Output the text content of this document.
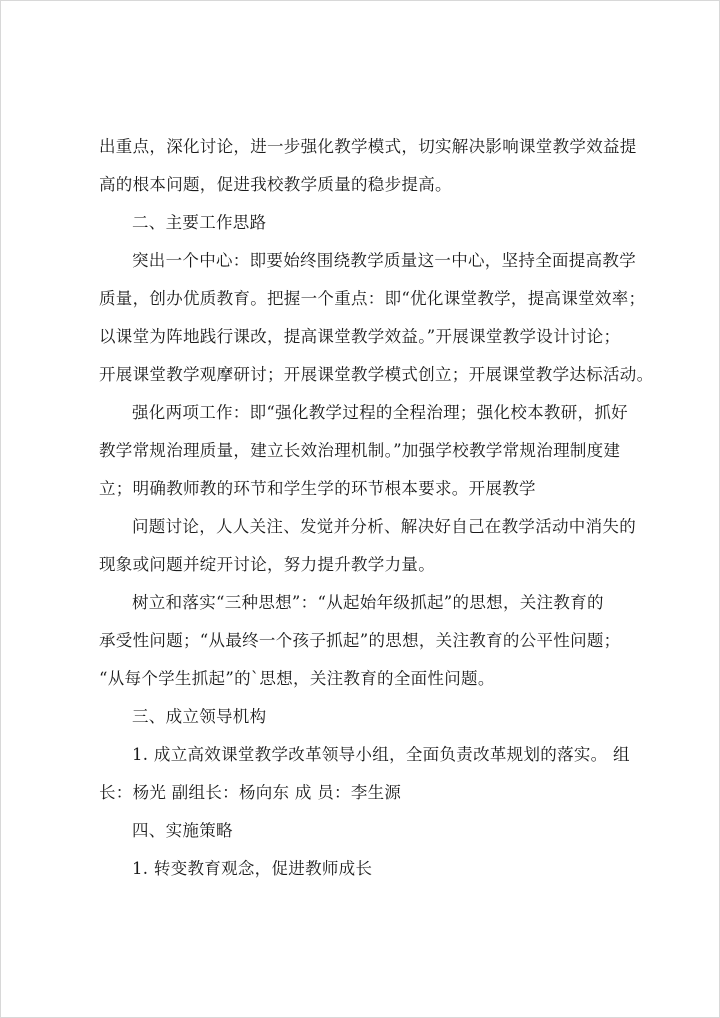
出重点，深化讨论，进一步强化教学模式，切实解决影响课堂教学效益提
高的根本问题，促进我校教学质量的稳步提高。
二、主要工作思路
突出一个中心：即要始终围绕教学质量这一中心，坚持全面提高教学
质量，创办优质教育。把握一个重点：即“优化课堂教学，提高课堂效率；
以课堂为阵地践行课改，提高课堂教学效益。”开展课堂教学设计讨论；
开展课堂教学观摩研讨；开展课堂教学模式创立；开展课堂教学达标活动。
强化两项工作：即“强化教学过程的全程治理；强化校本教研，抓好
教学常规治理质量，建立长效治理机制。”加强学校教学常规治理制度建
立；明确教师教的环节和学生学的环节根本要求。开展教学
问题讨论，人人关注、发觉并分析、解决好自己在教学活动中消失的
现象或问题并绽开讨论，努力提升教学力量。
树立和落实“三种思想”：“从起始年级抓起”的思想，关注教育的
承受性问题；“从最终一个孩子抓起”的思想，关注教育的公平性问题；
“从每个学生抓起”的`思想，关注教育的全面性问题。
三、成立领导机构
1. 成立高效课堂教学改革领导小组，全面负责改革规划的落实。 组
长：杨光 副组长：杨向东 成 员：李生源
四、实施策略
1. 转变教育观念，促进教师成长
